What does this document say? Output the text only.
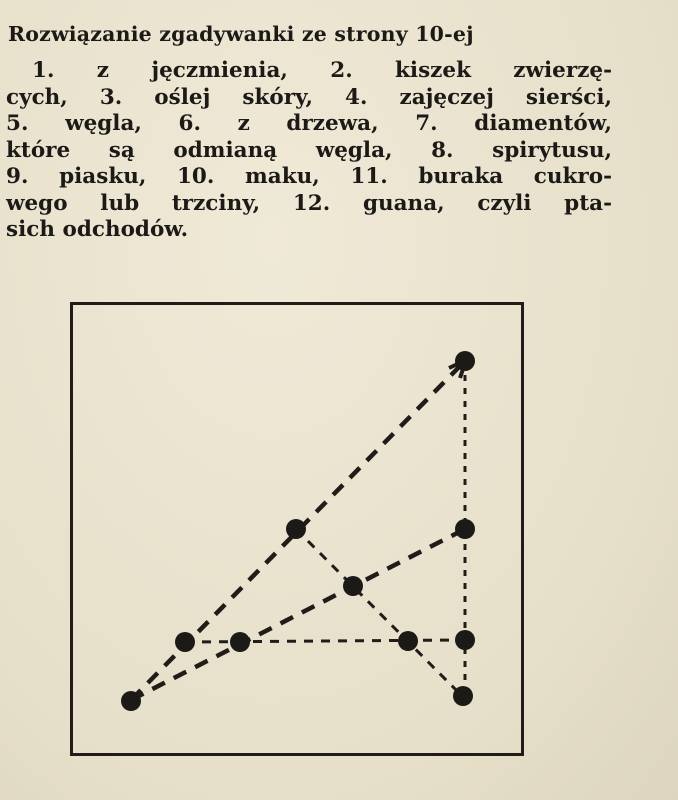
Rozwiązanie zgadywanki ze strony 10-ej
1. z jęczmienia, 2. kiszek zwierzę-
cych, 3. oślej skóry, 4. zajęczej sierści,
5. węgla, 6. z drzewa, 7. diamentów,
które są odmianą węgla, 8. spirytusu,
9. piasku, 10. maku, 11. buraka cukro-
wego lub trzciny, 12. guana, czyli pta-
sich odchodów.
